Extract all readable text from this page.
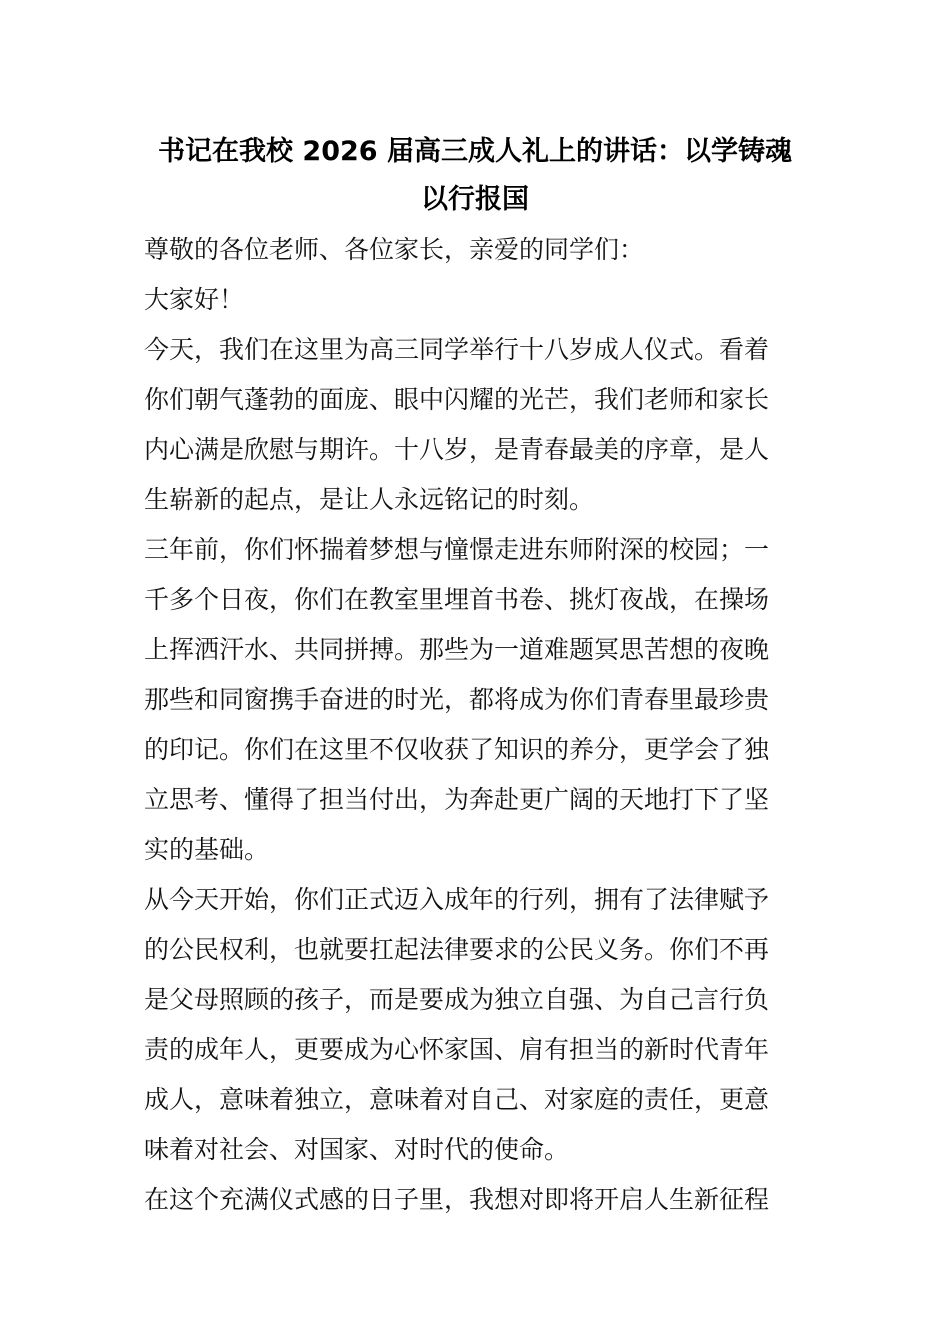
书记在我校 2026 届高三成人礼上的讲话：以学铸魂
以行报国

尊敬的各位老师、各位家长，亲爱的同学们：

大家好！

今天，我们在这里为高三同学举行十八岁成人仪式。看着

你们朝气蓬勃的面庞、眼中闪耀的光芒，我们老师和家长

内心满是欣慰与期许。十八岁，是青春最美的序章，是人

生崭新的起点，是让人永远铭记的时刻。

三年前，你们怀揣着梦想与憧憬走进东师附深的校园；一

千多个日夜，你们在教室里埋首书卷、挑灯夜战，在操场

上挥洒汗水、共同拼搏。那些为一道难题冥思苦想的夜晚

那些和同窗携手奋进的时光，都将成为你们青春里最珍贵

的印记。你们在这里不仅收获了知识的养分，更学会了独

立思考、懂得了担当付出，为奔赴更广阔的天地打下了坚

实的基础。

从今天开始，你们正式迈入成年的行列，拥有了法律赋予

的公民权利，也就要扛起法律要求的公民义务。你们不再

是父母照顾的孩子，而是要成为独立自强、为自己言行负

责的成年人，更要成为心怀家国、肩有担当的新时代青年

成人，意味着独立，意味着对自己、对家庭的责任，更意

味着对社会、对国家、对时代的使命。

在这个充满仪式感的日子里，我想对即将开启人生新征程
